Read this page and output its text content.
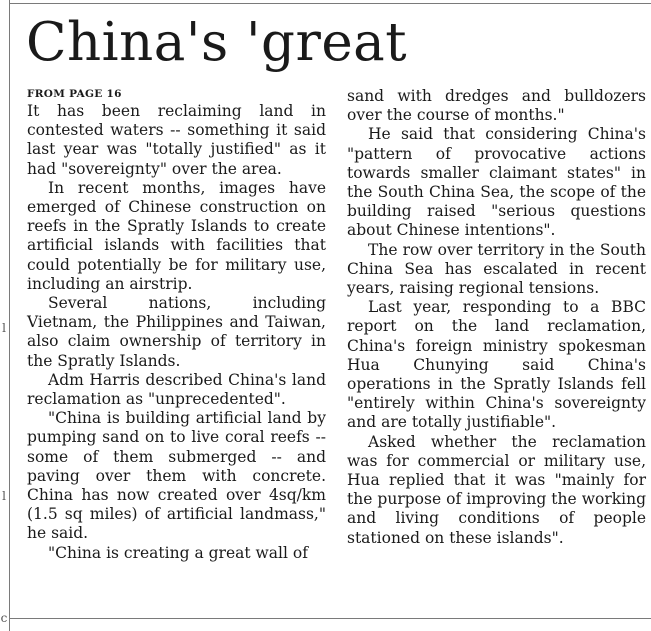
l
l
c
China's 'great

FROM PAGE 16

It has been reclaiming land in contested waters -- something it said last year was "totally justified" as it had "sovereignty" over the area.

In recent months, images have emerged of Chinese construction on reefs in the Spratly Islands to create artificial islands with facilities that could potentially be for military use, including an airstrip.

Several nations, including Vietnam, the Philippines and Taiwan, also claim ownership of territory in the Spratly Islands.

Adm Harris described China's land reclamation as "unprecedented".

"China is building artificial land by pumping sand on to live coral reefs -- some of them submerged -- and paving over them with concrete. China has now created over 4sq/km (1.5 sq miles) of artificial landmass," he said.

"China is creating a great wall of

sand with dredges and bulldozers over the course of months."

He said that considering China's "pattern of provocative actions towards smaller claimant states" in the South China Sea, the scope of the building raised "serious questions about Chinese intentions".

The row over territory in the South China Sea has escalated in recent years, raising regional tensions.

Last year, responding to a BBC report on the land reclamation, China's foreign ministry spokesman Hua Chunying said China's operations in the Spratly Islands fell "entirely within China's sovereignty and are totally justifiable".

Asked whether the reclamation was for commercial or military use, Hua replied that it was "mainly for the purpose of improving the working and living conditions of people stationed on these islands".
